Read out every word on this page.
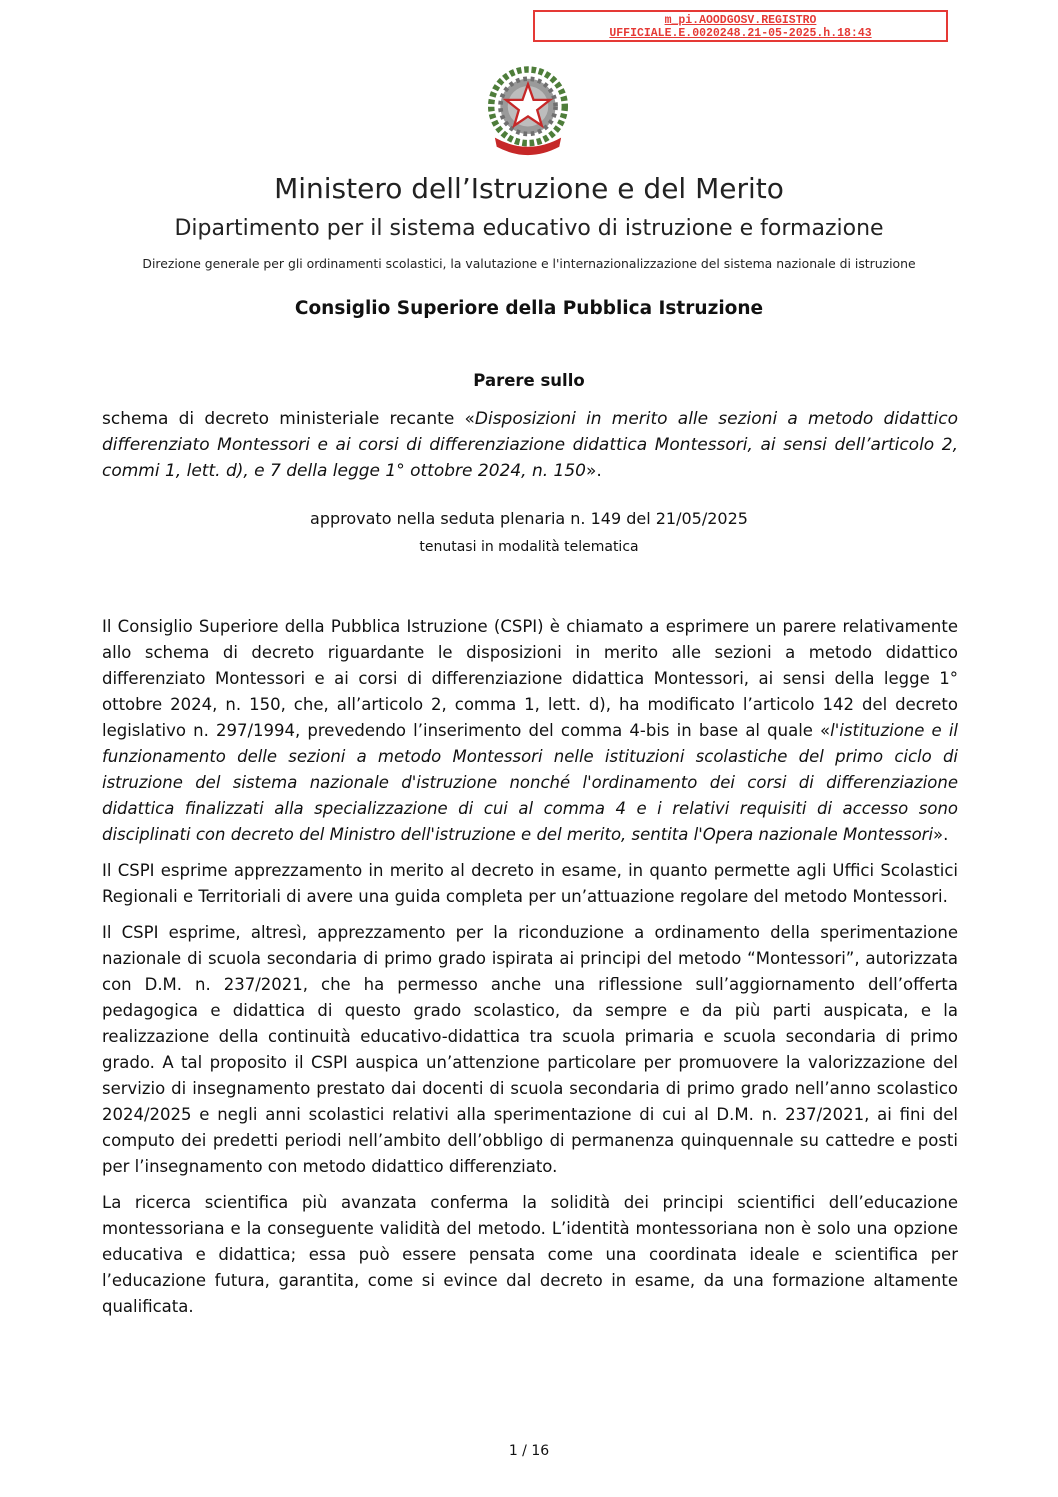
m_pi.AOODGOSV.REGISTRO
UFFICIALE.E.0020248.21-05-2025.h.18:43
Ministero dell’Istruzione e del Merito
Dipartimento per il sistema educativo di istruzione e formazione
Direzione generale per gli ordinamenti scolastici, la valutazione e l'internazionalizzazione del sistema nazionale di istruzione
Consiglio Superiore della Pubblica Istruzione
Parere sullo
schema di decreto ministeriale recante «Disposizioni in merito alle sezioni a metodo didattico differenziato Montessori e ai corsi di differenziazione didattica Montessori, ai sensi dell’articolo 2, commi 1, lett. d), e 7 della legge 1° ottobre 2024, n. 150».
approvato nella seduta plenaria n. 149 del 21/05/2025
tenutasi in modalità telematica

Il Consiglio Superiore della Pubblica Istruzione (CSPI) è chiamato a esprimere un parere relativamente allo schema di decreto riguardante le disposizioni in merito alle sezioni a metodo didattico differenziato Montessori e ai corsi di differenziazione didattica Montessori, ai sensi della legge 1° ottobre 2024, n. 150, che, all’articolo 2, comma 1, lett. d), ha modificato l’articolo 142 del decreto legislativo n. 297/1994, prevedendo l’inserimento del comma 4-bis in base al quale «l'istituzione e il funzionamento delle sezioni a metodo Montessori nelle istituzioni scolastiche del primo ciclo di istruzione del sistema nazionale d'istruzione nonché l'ordinamento dei corsi di differenziazione didattica finalizzati alla specializzazione di cui al comma 4 e i relativi requisiti di accesso sono disciplinati con decreto del Ministro dell'istruzione e del merito, sentita l'Opera nazionale Montessori».

Il CSPI esprime apprezzamento in merito al decreto in esame, in quanto permette agli Uffici Scolastici Regionali e Territoriali di avere una guida completa per un’attuazione regolare del metodo Montessori.

Il CSPI esprime, altresì, apprezzamento per la riconduzione a ordinamento della sperimentazione nazionale di scuola secondaria di primo grado ispirata ai principi del metodo “Montessori”, autorizzata con D.M. n. 237/2021, che ha permesso anche una riflessione sull’aggiornamento dell’offerta pedagogica e didattica di questo grado scolastico, da sempre e da più parti auspicata, e la realizzazione della continuità educativo-didattica tra scuola primaria e scuola secondaria di primo grado. A tal proposito il CSPI auspica un’attenzione particolare per promuovere la valorizzazione del servizio di insegnamento prestato dai docenti di scuola secondaria di primo grado nell’anno scolastico 2024/2025 e negli anni scolastici relativi alla sperimentazione di cui al D.M. n. 237/2021, ai fini del computo dei predetti periodi nell’ambito dell’obbligo di permanenza quinquennale su cattedre e posti per l’insegnamento con metodo didattico differenziato.

La ricerca scientifica più avanzata conferma la solidità dei principi scientifici dell’educazione montessoriana e la conseguente validità del metodo. L’identità montessoriana non è solo una opzione educativa e didattica; essa può essere pensata come una coordinata ideale e scientifica per l’educazione futura, garantita, come si evince dal decreto in esame, da una formazione altamente qualificata.

1 / 16
